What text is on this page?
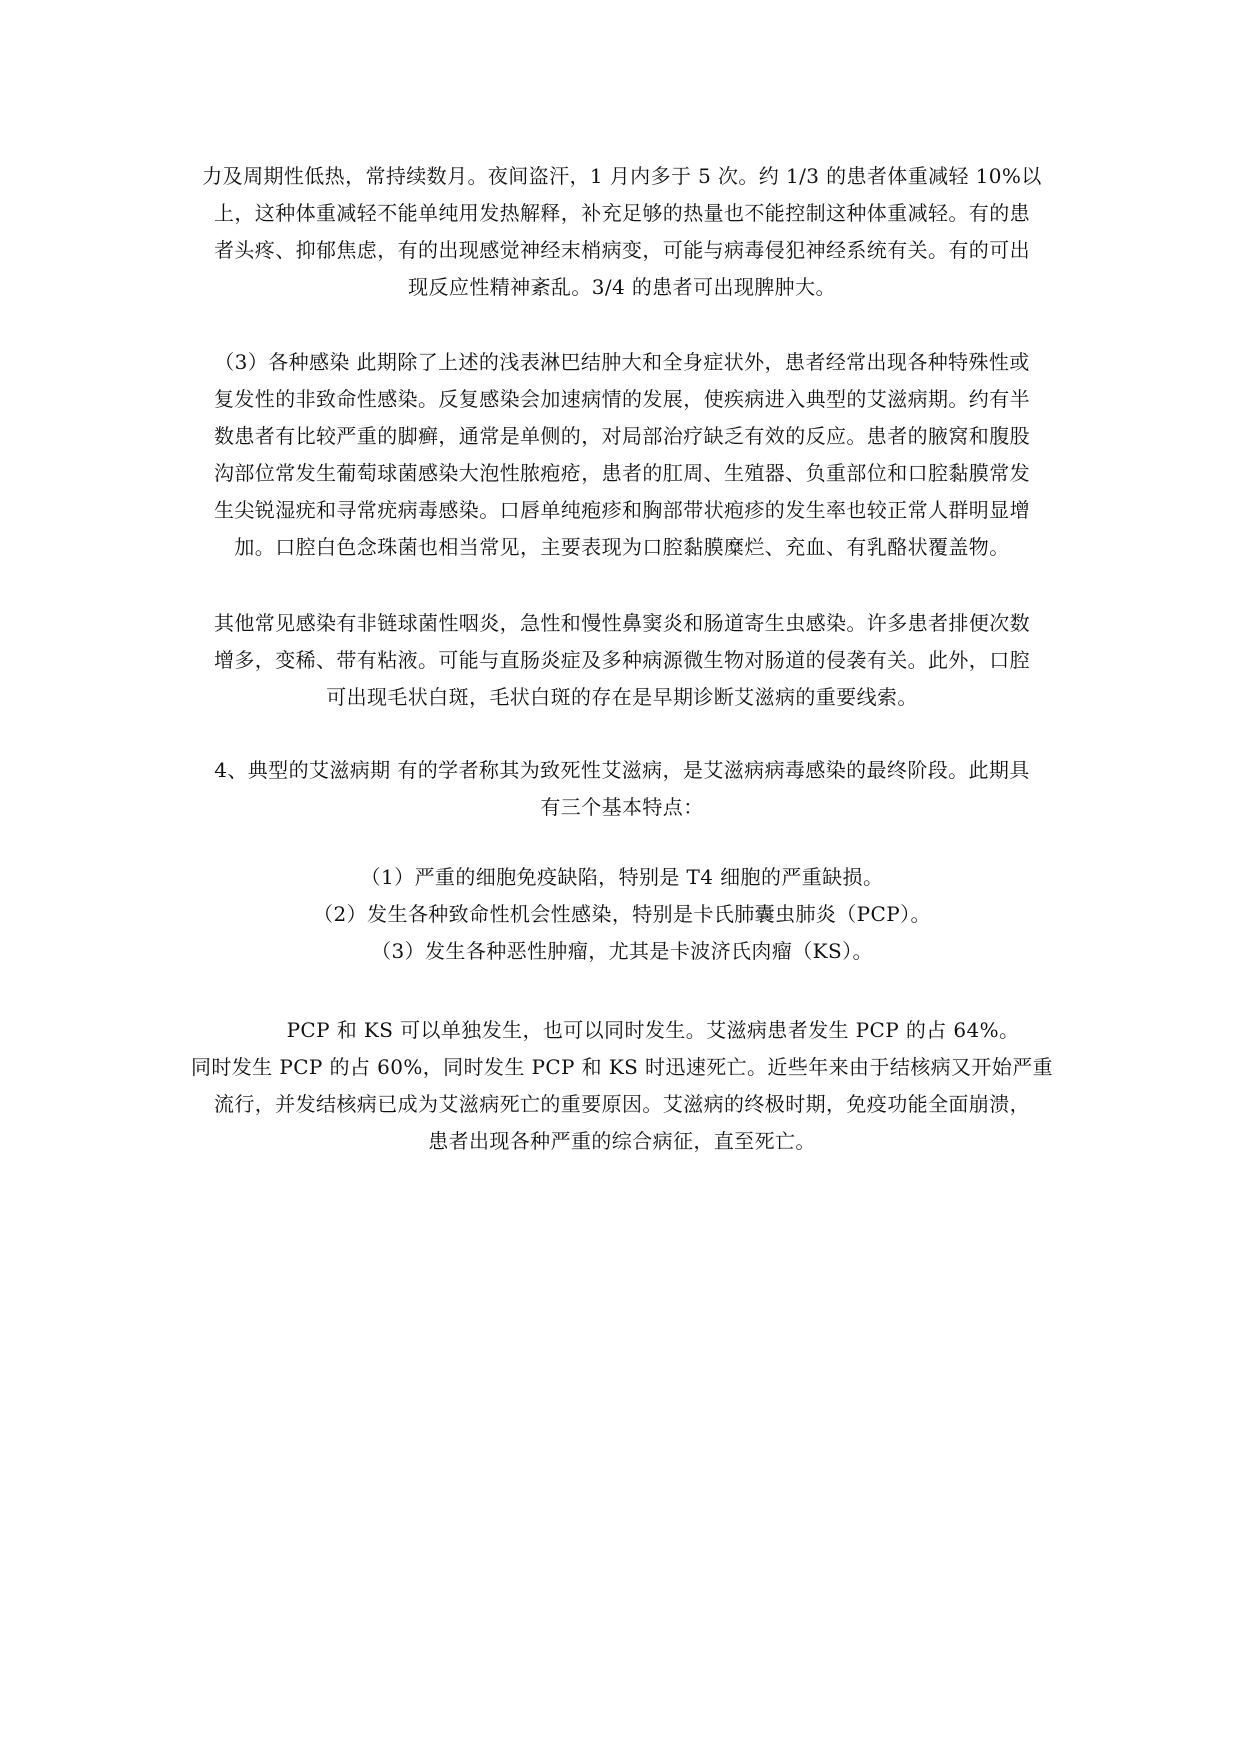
力及周期性低热，常持续数月。夜间盗汗，1 月内多于 5 次。约 1/3 的患者体重减轻 10%以
上，这种体重减轻不能单纯用发热解释，补充足够的热量也不能控制这种体重减轻。有的患
者头疼、抑郁焦虑，有的出现感觉神经末梢病变，可能与病毒侵犯神经系统有关。有的可出
现反应性精神紊乱。3/4 的患者可出现脾肿大。
（3）各种感染 此期除了上述的浅表淋巴结肿大和全身症状外，患者经常出现各种特殊性或
复发性的非致命性感染。反复感染会加速病情的发展，使疾病进入典型的艾滋病期。约有半
数患者有比较严重的脚癣，通常是单侧的，对局部治疗缺乏有效的反应。患者的腋窝和腹股
沟部位常发生葡萄球菌感染大泡性脓疱疮，患者的肛周、生殖器、负重部位和口腔黏膜常发
生尖锐湿疣和寻常疣病毒感染。口唇单纯疱疹和胸部带状疱疹的发生率也较正常人群明显增
加。口腔白色念珠菌也相当常见，主要表现为口腔黏膜糜烂、充血、有乳酪状覆盖物。
其他常见感染有非链球菌性咽炎，急性和慢性鼻窦炎和肠道寄生虫感染。许多患者排便次数
增多，变稀、带有粘液。可能与直肠炎症及多种病源微生物对肠道的侵袭有关。此外，口腔
可出现毛状白斑，毛状白斑的存在是早期诊断艾滋病的重要线索。
4、典型的艾滋病期 有的学者称其为致死性艾滋病，是艾滋病病毒感染的最终阶段。此期具
有三个基本特点：
（1）严重的细胞免疫缺陷，特别是 T4 细胞的严重缺损。
（2）发生各种致命性机会性感染，特别是卡氏肺囊虫肺炎（PCP）。
（3）发生各种恶性肿瘤，尤其是卡波济氏肉瘤（KS）。
PCP 和 KS 可以单独发生，也可以同时发生。艾滋病患者发生 PCP 的占 64%。
同时发生 PCP 的占 60%，同时发生 PCP 和 KS 时迅速死亡。近些年来由于结核病又开始严重
流行，并发结核病已成为艾滋病死亡的重要原因。艾滋病的终极时期，免疫功能全面崩溃，
患者出现各种严重的综合病征，直至死亡。
